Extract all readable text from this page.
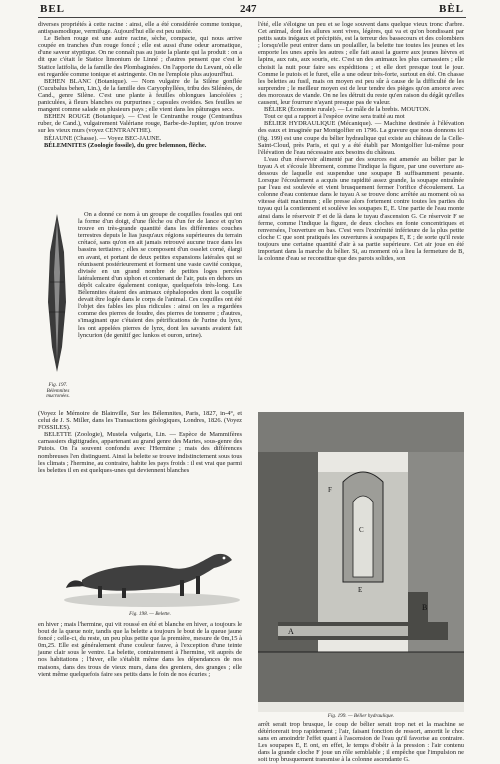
BEL	247	BÈL

diverses propriétés à cette racine : ainsi, elle a été considérée comme tonique, antispasmodique, vermifuge. Aujourd'hui elle est peu usitée.

Le Behen rouge est une autre racine, sèche, compacte, qui nous arrive coupée en tranches d'un rouge foncé ; elle est aussi d'une odeur aromatique, d'une saveur styptique. On ne connaît pas au juste la plante qui la produit : on a dit que c'était le Statice limonium de Linné ; d'autres pensent que c'est le Statice latifolia, de la famille des Plombaginées. On l'apporte du Levant, où elle est regardée comme tonique et astringente. On ne l'emploie plus aujourd'hui.

BEHEN BLANC (Botanique). — Nom vulgaire de la Silène gonflée (Cucubalus behen, Lin.), de la famille des Caryophyllées, tribu des Silénées, de Cand., genre Silène. C'est une plante à feuilles oblongues lancéolées ; paniculées, à fleurs blanches ou purpurines ; capsules ovoïdes. Ses feuilles se mangent comme salade en plusieurs pays ; elle vient dans les pâturages secs.

BEHEN ROUGE (Botanique). — C'est le Centranthe rouge (Centranthus ruber, de Cand.), vulgairement Valériane rouge, Barbe-de-Jupiter, qu'on trouve sur les vieux murs (voyez CENTRANTHE).

BÉJAUNE (Chasse). — Voyez BEC-JAUNE.

BÉLEMNITES (Zoologie fossile), du grec belemnon, flèche.

On a donné ce nom à un groupe de coquilles fossiles qui ont la forme d'un doigt, d'une flèche ou d'un fer de lance et qu'on trouve en très-grande quantité dans les différentes couches terrestres depuis le lias jusqu'aux régions supérieures du terrain crétacé, sans qu'on en ait jamais retrouvé aucune trace dans les bassins tertiaires ; elles se composent d'un osselet corné, élargi en avant, et portant de deux petites expansions latérales qui se réunissent postérieurement et forment une vaste cavité conique, divisée en un grand nombre de petites loges percées latéralement d'un siphon et contenant de l'air, puis en dehors un dépôt calcaire également conique, quelquefois très-long. Les Bélemnites étaient des animaux céphalopodes dont la coquille devait être logée dans le corps de l'animal. Ces coquilles ont été l'objet des fables les plus ridicules : ainsi on les a regardées comme des pierres de foudre, des pierres de tonnerre ; d'autres, s'imaginant que c'étaient des pétrifications de l'urine du lynx, les ont appelées pierres de lynx, dont les savants avaient fait lyncurion (de genitif gec lunkos et ouron, urine).

(Voyez le Mémoire de Blainville, Sur les Bélemnites, Paris, 1827, in-4°, et celui de J. S. Miller, dans les Transactions géologiques, Londres, 1826. (Voyez FOSSILES).

BELETTE (Zoologie), Mustela vulgaris, Lin. — Espèce de Mammifères carnassiers digitigrades, appartenant au grand genre des Martes, sous-genre des Putois. On l'a souvent confondu avec l'Hermine ; mais des différences nombreuses l'en distinguent. Ainsi la belette se trouve indistinctement sous tous les climats ; l'hermine, au contraire, habite les pays froids : il est vrai que parmi les belettes il en est quelques-unes qui deviennent blanches

Fig. 197. Bélemnites mucronées.
Fig. 198. — Belette.

en hiver ; mais l'hermine, qui vit roussé en été et blanche en hiver, a toujours le bout de la queue noir, tandis que la belette a toujours le bout de la queue jaune foncé ; celle-ci, du reste, un peu plus petite que la première, mesure de 0m,15 à 0m,25. Elle est généralement d'une couleur fauve, à l'exception d'une teinte jaune clair sous le ventre. La belette, contrairement à l'hermine, vit auprès de nos habitations ; l'hiver, elle s'établit même dans les dépendances de nos maisons, dans des trous de vieux murs, dans des greniers, des granges ; elle vient même quelquefois faire ses petits dans le foin de nos écuries ;

l'été, elle s'éloigne un peu et se loge souvent dans quelque vieux tronc d'arbre. Cet animal, dont les allures sont vives, légères, qui va et qu'on bondissant par petits sauts inégaux et précipités, est la terreur des bassecours et des colombiers ; lorsqu'elle peut entrer dans un poulailler, la belette tue toutes les jeunes et les emporte les unes après les autres ; elle fait aussi la guerre aux jeunes lièvres et lapins, aux rats, aux souris, etc. C'est un des animaux les plus carnassiers ; elle choisit la nuit pour faire ses expéditions ; et elle dort presque tout le jour. Comme le putois et le furet, elle a une odeur très-forte, surtout en été. On chasse les belettes au fusil, mais on moyen est peu sûr à cause de la difficulté de les surprendre ; le meilleur moyen est de leur tendre des pièges qu'on amorce avec des morceaux de viande. On ne les détruit du reste qu'en raison du dégât qu'elles causent, leur fourrure n'ayant presque pas de valeur.

BÉLIER (Économie rurale). — Le mâle de la brebis. MOUTON.

Tout ce qui a rapport à l'espèce ovine sera traité au mot

BÉLIER HYDRAULIQUE (Mécanique). — Machine destinée à l'élévation des eaux et imaginée par Montgolfier en 1796. La gravure que nous donnons ici (fig. 199) est une coupe du bélier hydraulique qui existe au château de la Celle-Saint-Cloud, près Paris, et qui y a été établi par Montgolfier lui-même pour l'élévation de l'eau nécessaire aux besoins du château.

L'eau d'un réservoir alimenté par des sources est amenée au bélier par le tuyau A et s'écoule librement, comme l'indique la figure, par une ouverture au-dessous de laquelle est suspendue une soupape B suffisamment pesante. Lorsque l'écoulement a acquis une rapidité assez grande, la soupape entraînée par l'eau est soulevée et vient brusquement fermer l'orifice d'écoulement. La colonne d'eau contenue dans le tuyau A se trouve donc arrêtée au moment où sa vitesse était maximum ; elle presse alors fortement contre toutes les parties du tuyau qui la contiennent et soulève les soupapes E, E. Une partie de l'eau monte ainsi dans le réservoir F et de là dans le tuyau d'ascension G. Ce réservoir F se ferme, comme l'indique la figure, de deux cloches en fonte concentriques et renversées, l'ouverture en bas. C'est vers l'extrémité inférieure de la plus petite cloche C que sont pratiqués les ouvertures à soupapes E, E ; de sorte qu'il reste toujours une certaine quantité d'air à sa partie supérieure. Cet air joue en été important dans la marche du bélier. Si, au moment où a lieu la fermeture de B, la colonne d'eau se reconstitue que des parois solides, son

B
A
E
F
C
Fig. 199. — Bélier hydraulique.

arrêt serait trop brusque, le coup de bélier serait trop net et la machine se détériorerait trop rapidement ; l'air, faisant fonction de ressort, amortit le choc sans en amoindrir l'effet quant à l'ascension de l'eau qu'il favorise au contraire. Les soupapes E, E ont, en effet, le temps d'obéir à la pression : l'air contenu dans la grande cloche F joue un rôle semblable ; il empêche que l'impulsion ne soit trop brusquement transmise à la colonne ascendante G.
